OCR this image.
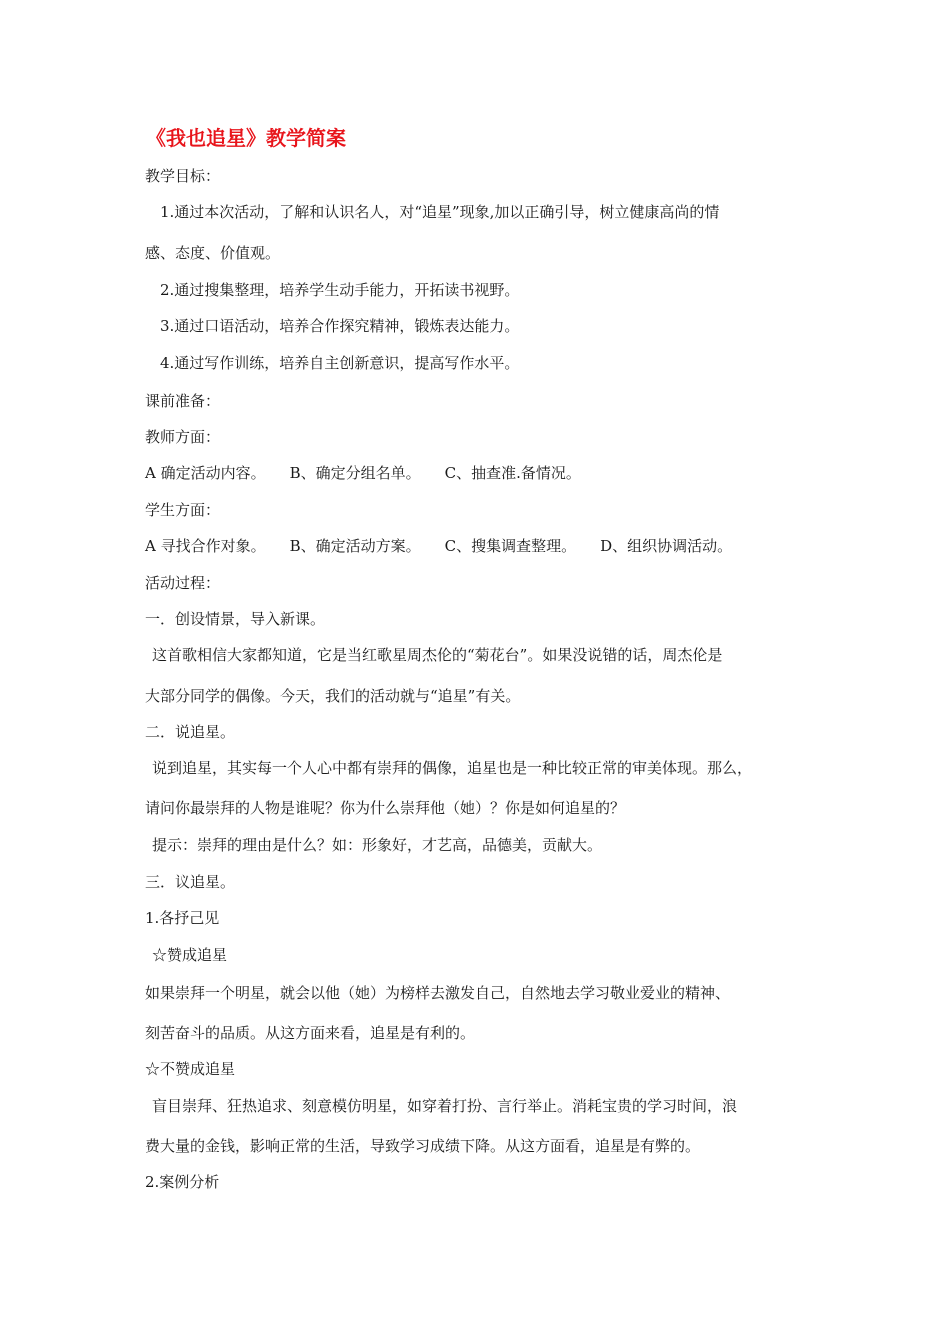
《我也追星》教学简案
教学目标：
1.通过本次活动，了解和认识名人，对“追星”现象,加以正确引导，树立健康高尚的情
感、态度、价值观。
2.通过搜集整理，培养学生动手能力，开拓读书视野。
3.通过口语活动，培养合作探究精神，锻炼表达能力。
4.通过写作训练，培养自主创新意识，提高写作水平。
课前准备：
教师方面：
A 确定活动内容。 B、确定分组名单。 C、抽查准.备情况。
学生方面：
A 寻找合作对象。 B、确定活动方案。 C、搜集调查整理。 D、组织协调活动。
活动过程：
一．创设情景，导入新课。
这首歌相信大家都知道，它是当红歌星周杰伦的“菊花台”。如果没说错的话，周杰伦是
大部分同学的偶像。今天，我们的活动就与“追星”有关。
二．说追星。
说到追星，其实每一个人心中都有崇拜的偶像，追星也是一种比较正常的审美体现。那么，
请问你最崇拜的人物是谁呢？你为什么崇拜他（她）？你是如何追星的？
提示：崇拜的理由是什么？如：形象好，才艺高，品德美，贡献大。
三．议追星。
1.各抒己见
☆赞成追星
如果崇拜一个明星，就会以他（她）为榜样去激发自己，自然地去学习敬业爱业的精神、
刻苦奋斗的品质。从这方面来看，追星是有利的。
☆不赞成追星
盲目崇拜、狂热追求、刻意模仿明星，如穿着打扮、言行举止。消耗宝贵的学习时间，浪
费大量的金钱，影响正常的生活，导致学习成绩下降。从这方面看，追星是有弊的。
2.案例分析
